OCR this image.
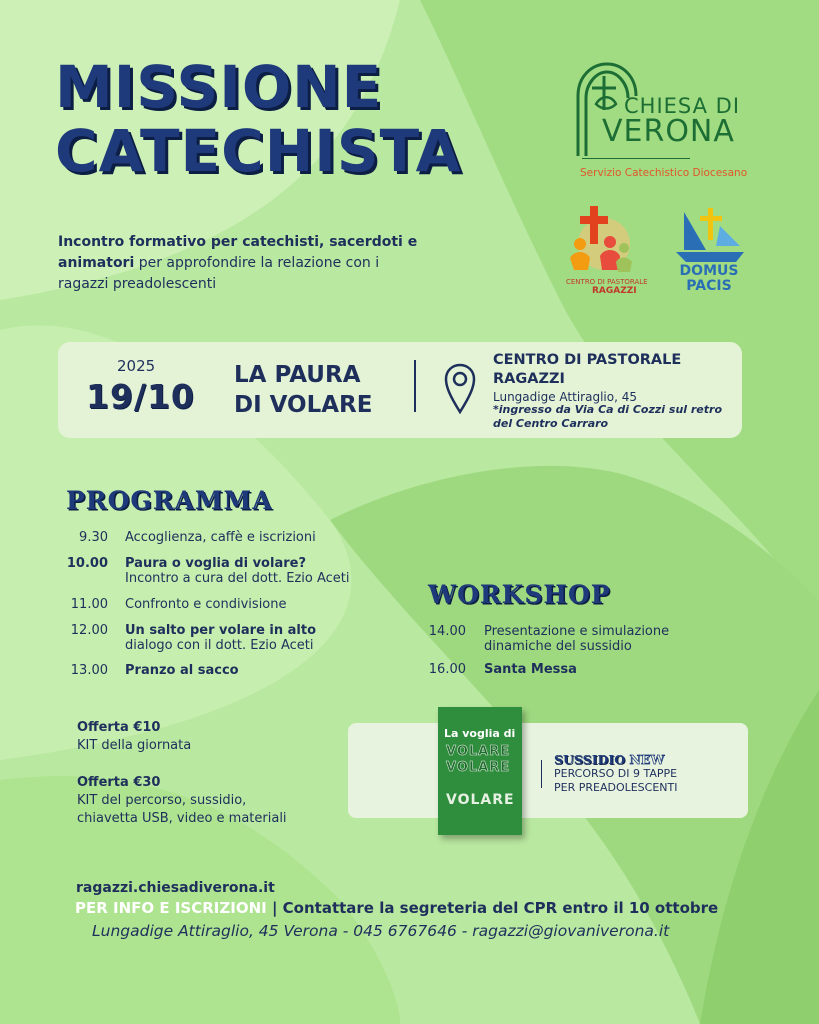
MISSIONE
CATECHISTA
CHIESA DI
VERONA
Servizio Catechistico Diocesano

Incontro formativo per catechisti, sacerdoti e animatori per approfondire la relazione con i ragazzi preadolescenti	CENTRO DI PASTORALE
RAGAZZI
DOMUS
PACIS
2025
19/10
LA PAURA DI VOLARE
CENTRO DI PASTORALE RAGAZZI
Lungadige Attiraglio, 45
*ingresso da Via Ca di Cozzi sul retro del Centro Carraro
PROGRAMMA
9.30 Accoglienza, caffè e iscrizioni
10.00 Paura o voglia di volare?
Incontro a cura del dott. Ezio Aceti
11.00 Confronto e condivisione
12.00 Un salto per volare in alto
dialogo con il dott. Ezio Aceti
13.00 Pranzo al sacco
WORKSHOP
14.00 Presentazione e simulazione
dinamiche del sussidio
16.00 Santa Messa
Offerta €10
KIT della giornata
Offerta €30
KIT del percorso, sussidio,
chiavetta USB, video e materiali
La voglia di
VOLARE
VOLARE
VOLARE
SUSSIDIO NEW
PERCORSO DI 9 TAPPE
PER PREADOLESCENTI
ragazzi.chiesadiverona.it
PER INFO E ISCRIZIONI | Contattare la segreteria del CPR entro il 10 ottobre
Lungadige Attiraglio, 45 Verona - 045 6767646 - ragazzi@giovaniverona.it
